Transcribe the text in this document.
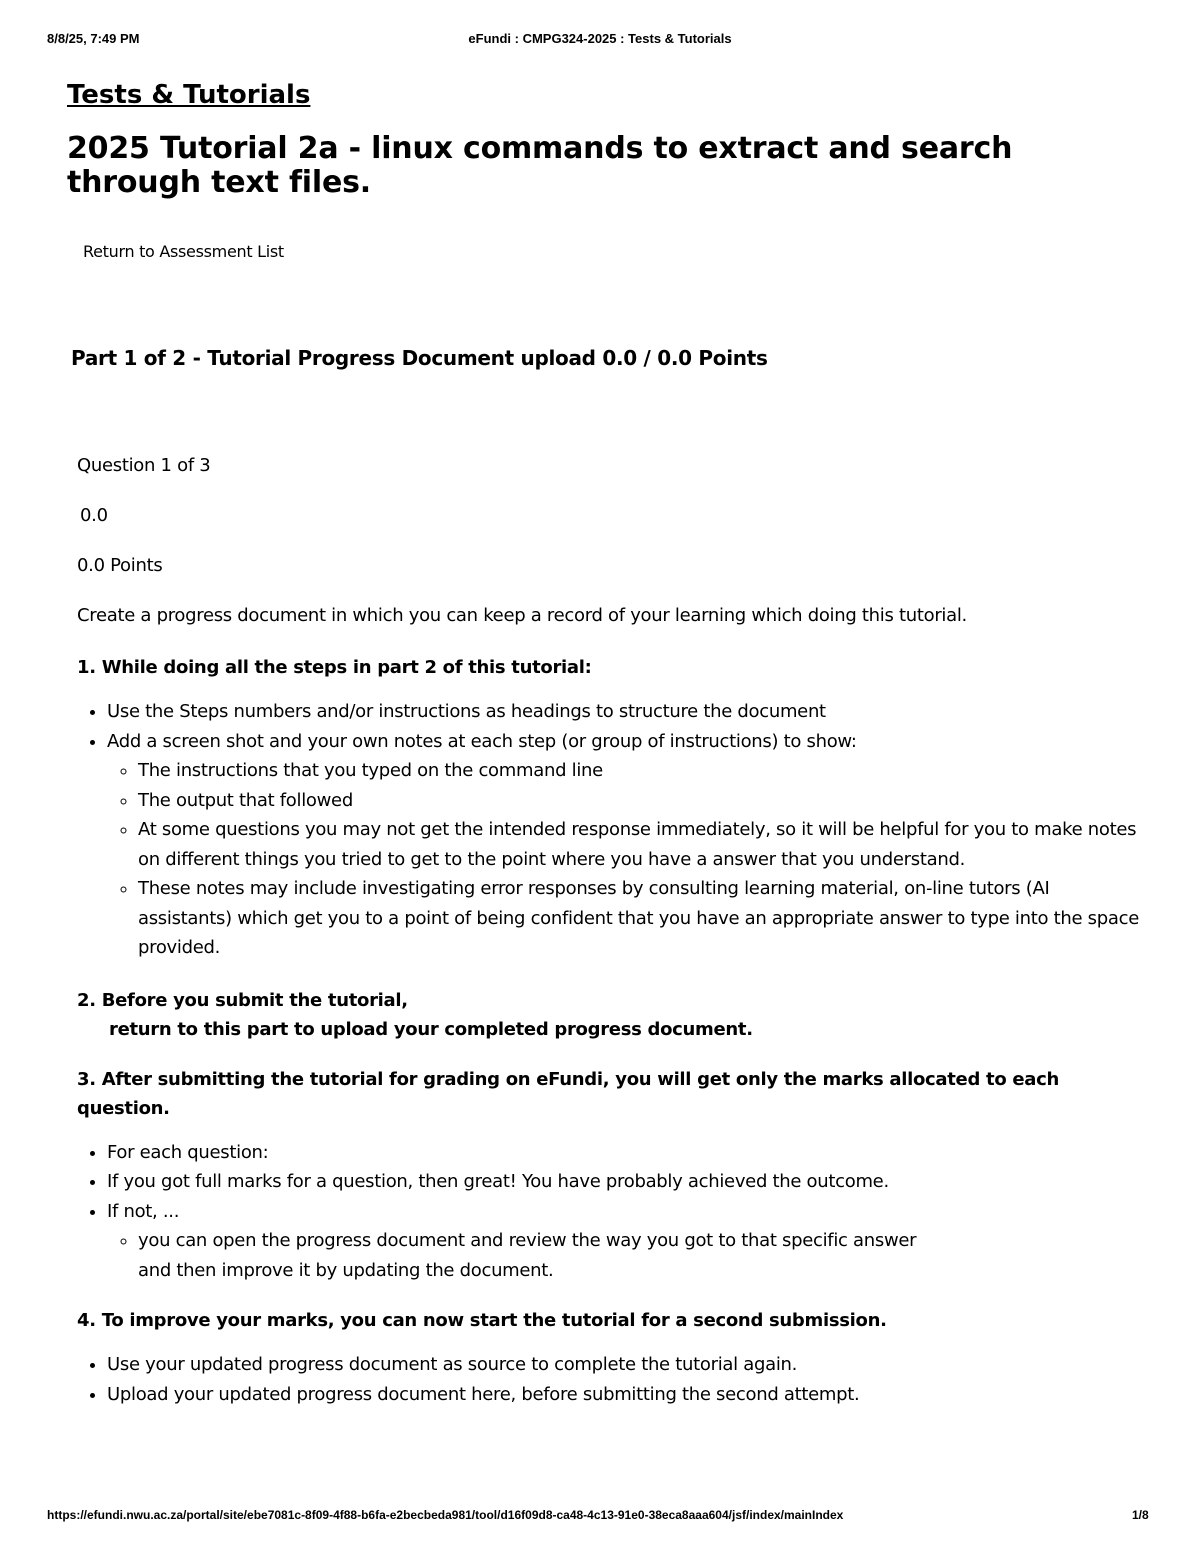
8/8/25, 7:49 PM	eFundi : CMPG324-2025 : Tests & Tutorials
Tests & Tutorials
2025 Tutorial 2a - linux commands to extract and search through text files.
Return to Assessment List
Part 1 of 2 - Tutorial Progress Document upload 0.0 / 0.0 Points

Question 1 of 3

0.0

0.0 Points

Create a progress document in which you can keep a record of your learning which doing this tutorial.

1. While doing all the steps in part 2 of this tutorial:

• Use the Steps numbers and/or instructions as headings to structure the document
• Add a screen shot and your own notes at each step (or group of instructions) to show:
◦ The instructions that you typed on the command line
◦ The output that followed
◦ At some questions you may not get the intended response immediately, so it will be helpful for you to make notes on different things you tried to get to the point where you have a answer that you understand.
◦ These notes may include investigating error responses by consulting learning material, on-line tutors (AI assistants) which get you to a point of being confident that you have an appropriate answer to type into the space provided.

2. Before you submit the tutorial,

return to this part to upload your completed progress document.

3. After submitting the tutorial for grading on eFundi, you will get only the marks allocated to each question.

• For each question:
• If you got full marks for a question, then great! You have probably achieved the outcome.
• If not, ...
◦ you can open the progress document and review the way you got to that specific answer
and then improve it by updating the document.

4. To improve your marks, you can now start the tutorial for a second submission.

• Use your updated progress document as source to complete the tutorial again.
• Upload your updated progress document here, before submitting the second attempt.
https://efundi.nwu.ac.za/portal/site/ebe7081c-8f09-4f88-b6fa-e2becbeda981/tool/d16f09d8-ca48-4c13-91e0-38eca8aaa604/jsf/index/mainIndex	1/8
